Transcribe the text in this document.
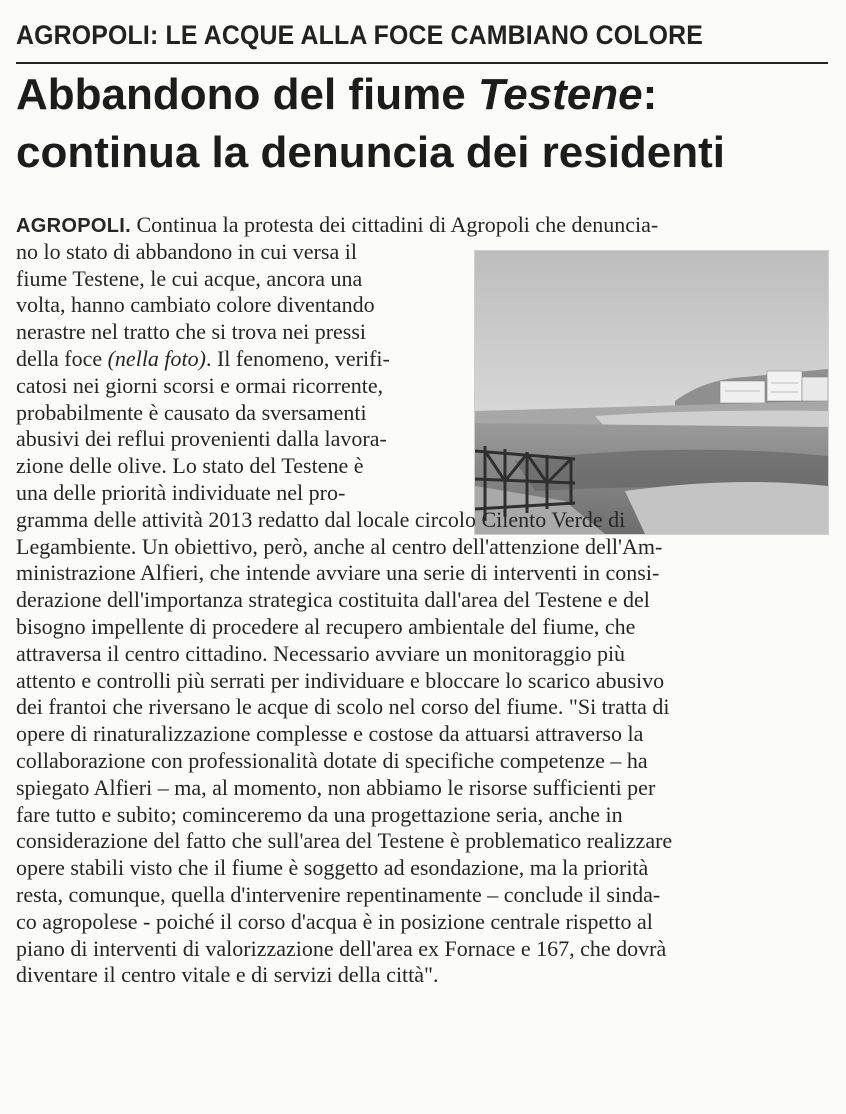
AGROPOLI: LE ACQUE ALLA FOCE CAMBIANO COLORE
Abbandono del fiume Testene:
continua la denuncia dei residenti
AGROPOLI. Continua la protesta dei cittadini di Agropoli che denuncia-
no lo stato di abbandono in cui versa il
fiume Testene, le cui acque, ancora una
volta, hanno cambiato colore diventando
nerastre nel tratto che si trova nei pressi
della foce (nella foto). Il fenomeno, verifi-
catosi nei giorni scorsi e ormai ricorrente,
probabilmente è causato da sversamenti
abusivi dei reflui provenienti dalla lavora-
zione delle olive. Lo stato del Testene è
una delle priorità individuate nel pro-
gramma delle attività 2013 redatto dal locale circolo Cilento Verde di
Legambiente. Un obiettivo, però, anche al centro dell'attenzione dell'Am-
ministrazione Alfieri, che intende avviare una serie di interventi in consi-
derazione dell'importanza strategica costituita dall'area del Testene e del
bisogno impellente di procedere al recupero ambientale del fiume, che
attraversa il centro cittadino. Necessario avviare un monitoraggio più
attento e controlli più serrati per individuare e bloccare lo scarico abusivo
dei frantoi che riversano le acque di scolo nel corso del fiume. "Si tratta di
opere di rinaturalizzazione complesse e costose da attuarsi attraverso la
collaborazione con professionalità dotate di specifiche competenze – ha
spiegato Alfieri – ma, al momento, non abbiamo le risorse sufficienti per
fare tutto e subito; cominceremo da una progettazione seria, anche in
considerazione del fatto che sull'area del Testene è problematico realizzare
opere stabili visto che il fiume è soggetto ad esondazione, ma la priorità
resta, comunque, quella d'intervenire repentinamente – conclude il sinda-
co agropolese - poiché il corso d'acqua è in posizione centrale rispetto al
piano di interventi di valorizzazione dell'area ex Fornace e 167, che dovrà
diventare il centro vitale e di servizi della città".
